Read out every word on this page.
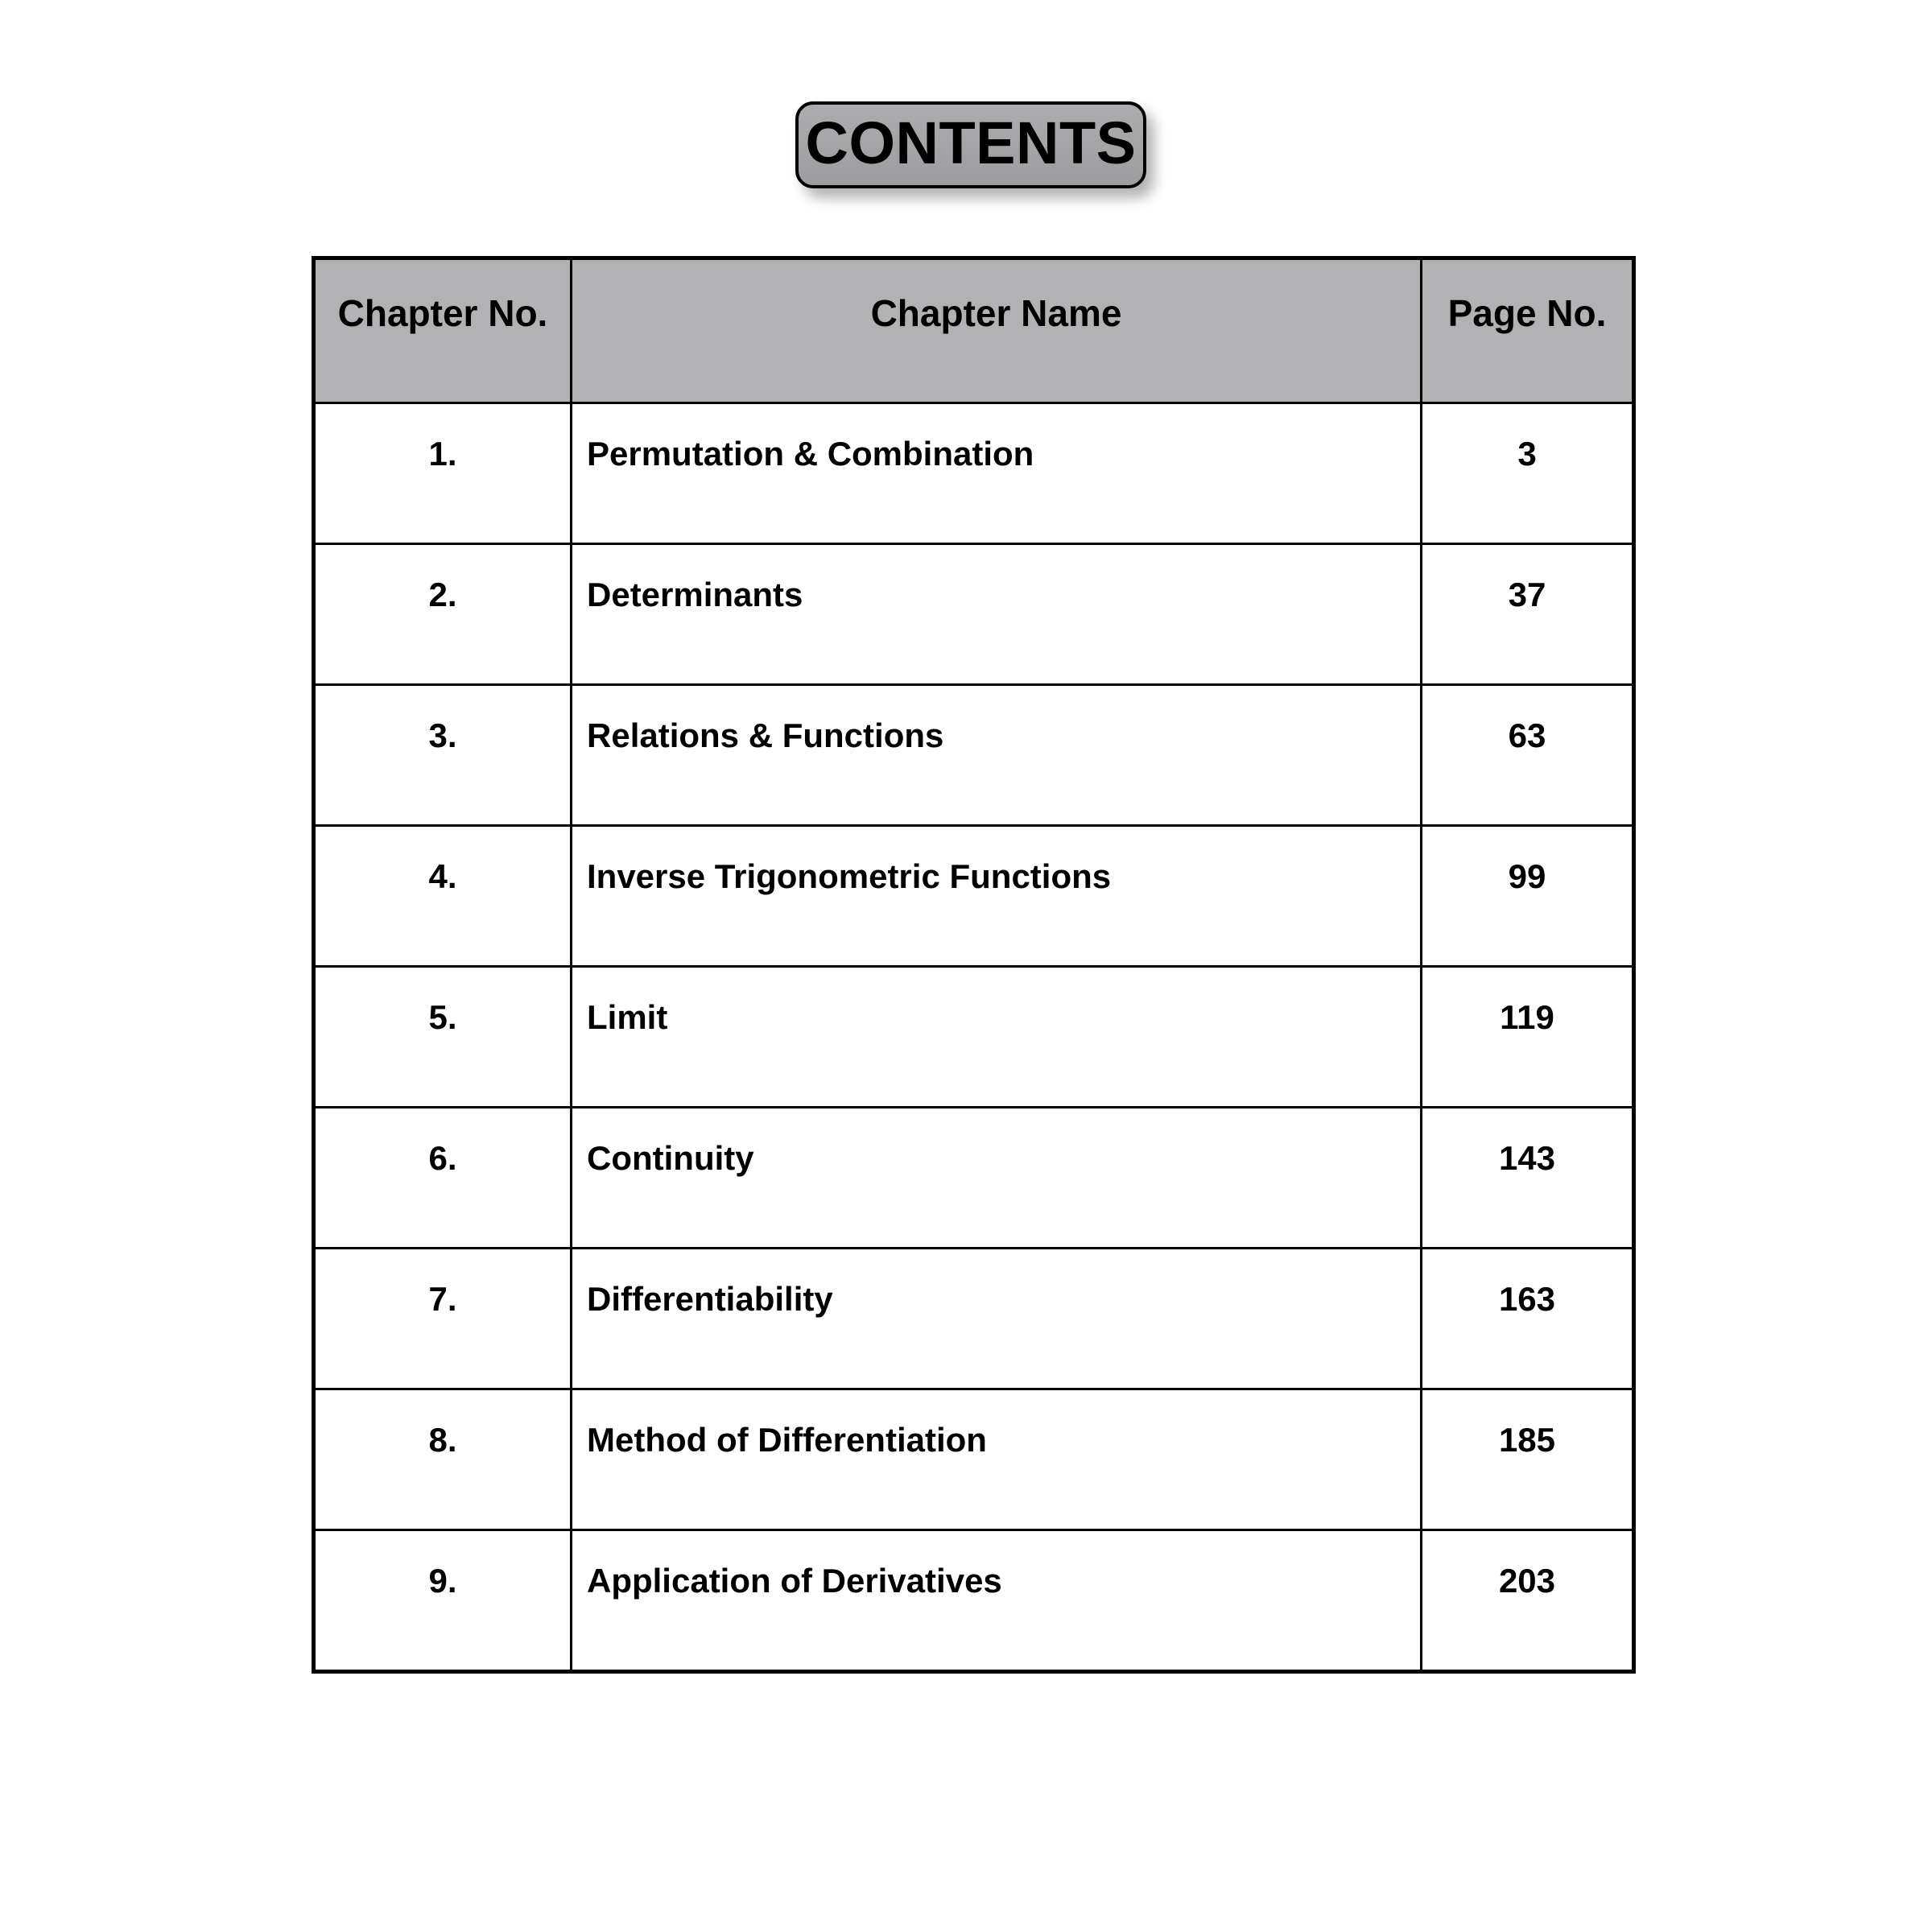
CONTENTS
Chapter No.	Chapter Name	Page No.

1.	Permutation & Combination	3

2.	Determinants	37

3.	Relations & Functions	63

4.	Inverse Trigonometric Functions	99

5.	Limit	119

6.	Continuity	143

7.	Differentiability	163

8.	Method of Differentiation	185

9.	Application of Derivatives	203
